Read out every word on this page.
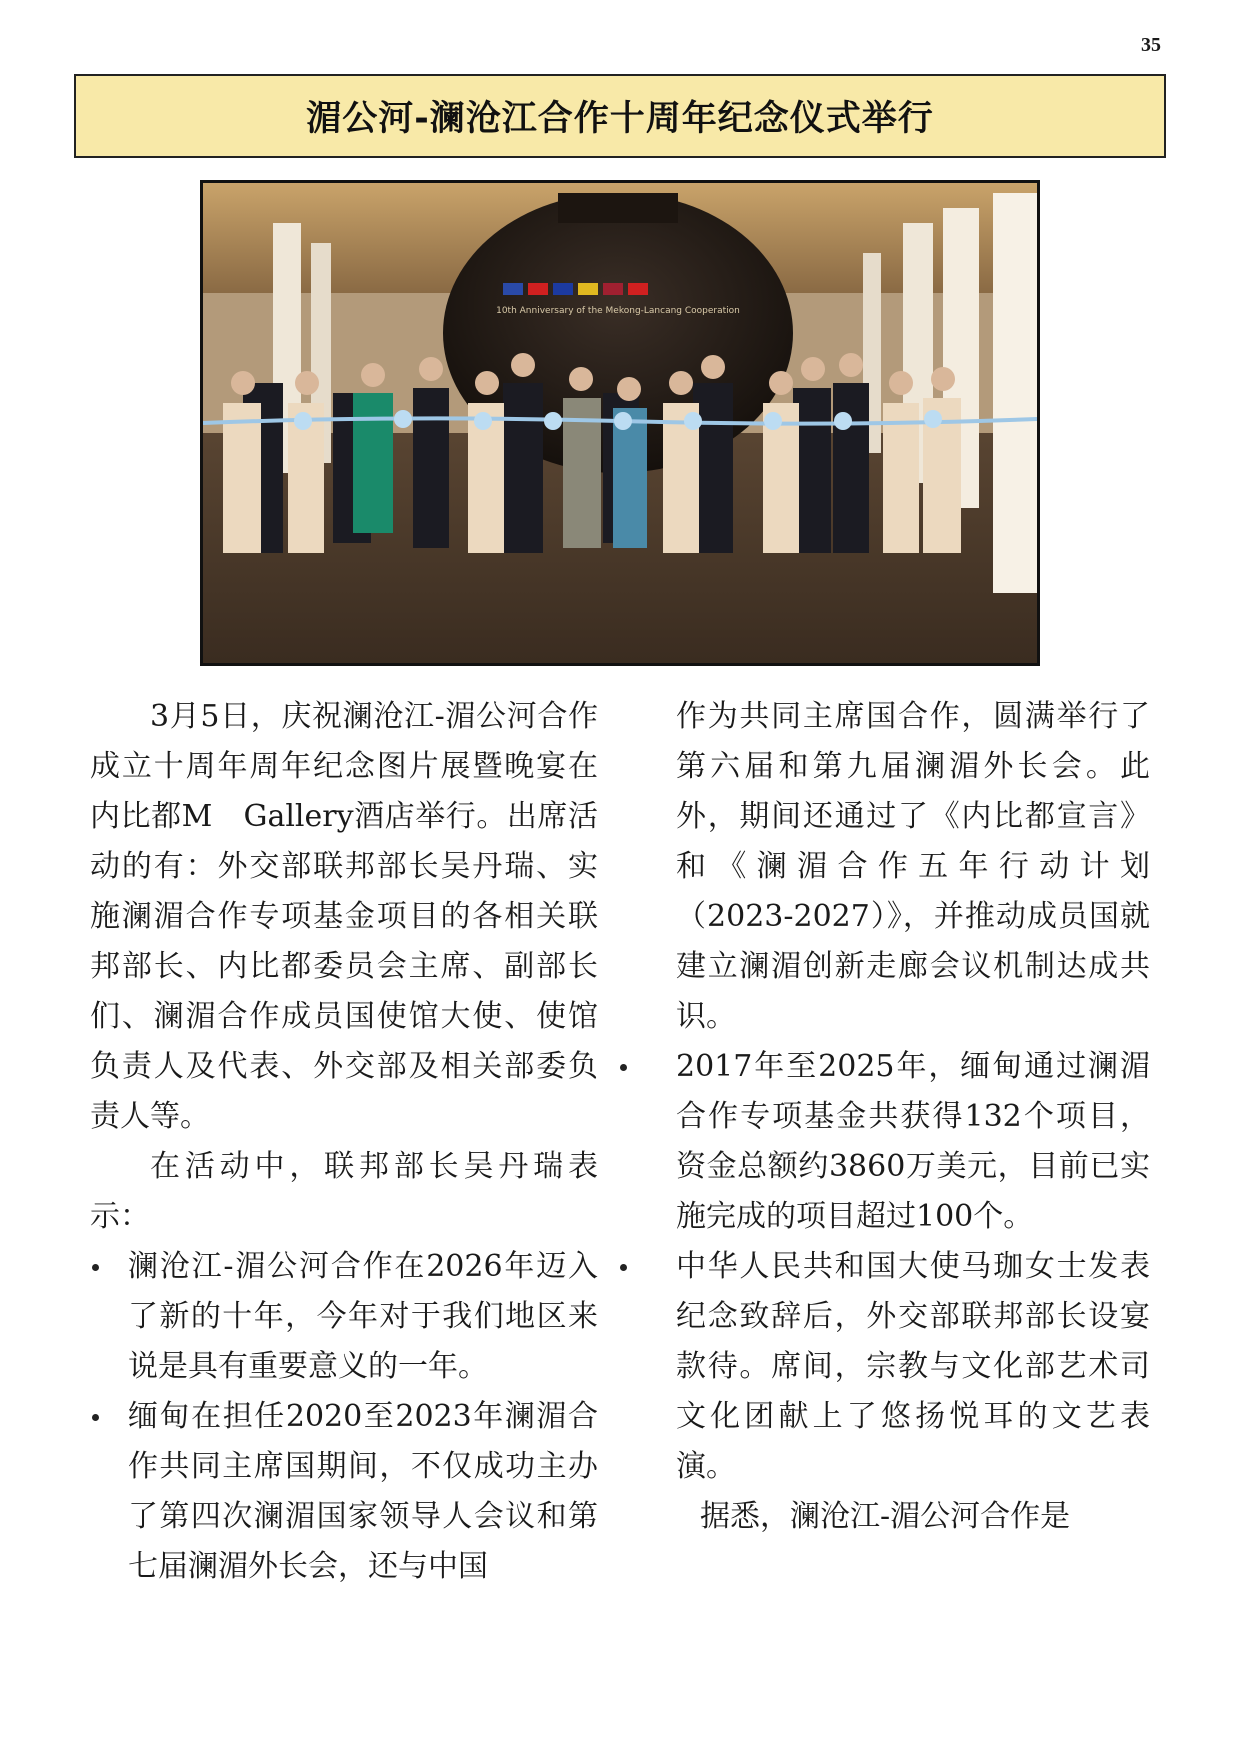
35
湄公河-澜沧江合作十周年纪念仪式举行
10th Anniversary of the Mekong-Lancang Cooperation

3月5日，庆祝澜沧江-湄公河合作成立十周年周年纪念图片展暨晚宴在内比都M　Gallery酒店举行。出席活动的有：外交部联邦部长吴丹瑞、实施澜湄合作专项基金项目的各相关联邦部长、内比都委员会主席、副部长们、澜湄合作成员国使馆大使、使馆负责人及代表、外交部及相关部委负责人等。

在活动中，联邦部长吴丹瑞表示：

澜沧江-湄公河合作在2026年迈入了新的十年，今年对于我们地区来说是具有重要意义的一年。
缅甸在担任2020至2023年澜湄合作共同主席国期间，不仅成功主办了第四次澜湄国家领导人会议和第七届澜湄外长会，还与中国

作为共同主席国合作，圆满举行了第六届和第九届澜湄外长会。此外，期间还通过了《内比都宣言》和《澜湄合作五年行动计划（2023-2027）》，并推动成员国就建立澜湄创新走廊会议机制达成共识。

2017年至2025年，缅甸通过澜湄合作专项基金共获得132个项目，资金总额约3860万美元，目前已实施完成的项目超过100个。
中华人民共和国大使马珈女士发表纪念致辞后，外交部联邦部长设宴款待。席间，宗教与文化部艺术司文化团献上了悠扬悦耳的文艺表演。

据悉，澜沧江-湄公河合作是
